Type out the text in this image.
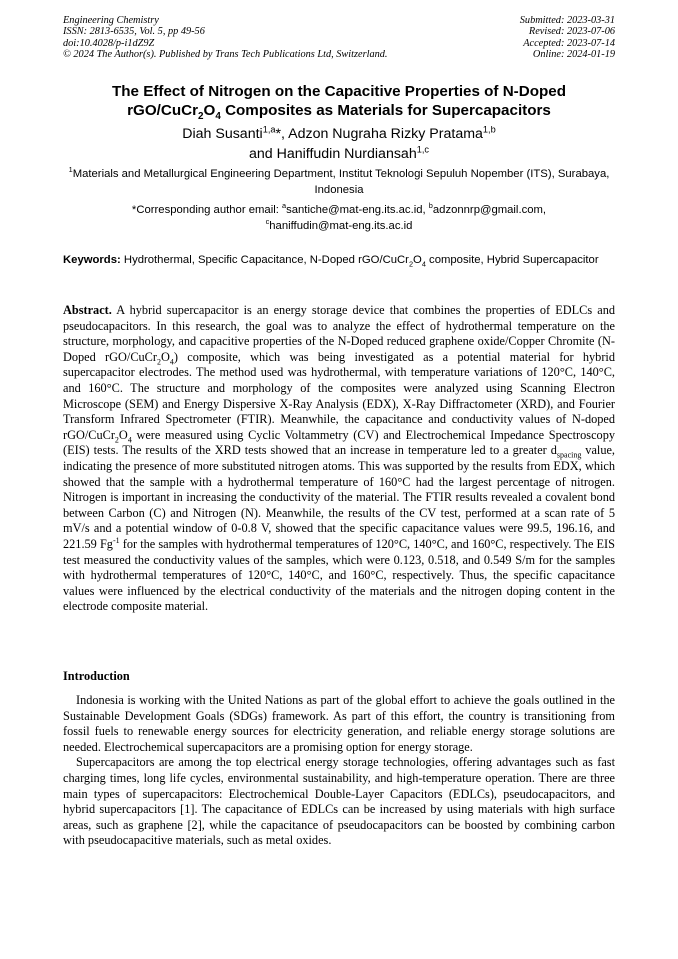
Engineering Chemistry
ISSN: 2813-6535, Vol. 5, pp 49-56
doi:10.4028/p-i1dZ9Z
© 2024 The Author(s). Published by Trans Tech Publications Ltd, Switzerland.
Submitted: 2023-03-31
Revised: 2023-07-06
Accepted: 2023-07-14
Online: 2024-01-19
The Effect of Nitrogen on the Capacitive Properties of N-Doped
rGO/$CuCr_2O_4$ Composites as Materials for Supercapacitors
Diah Susanti$^{1,a}$*, Adzon Nugraha Rizky Pratama$^{1,b}$
and Haniffudin Nurdiansah$^{1,c}$
$^1$Materials and Metallurgical Engineering Department, Institut Teknologi Sepuluh Nopember (ITS), Surabaya, Indonesia
*Corresponding author email: $^a$santiche@mat-eng.its.ac.id, $^b$adzonnrp@gmail.com,
$^c$haniffudin@mat-eng.its.ac.id
Keywords: Hydrothermal, Specific Capacitance, N-Doped rGO/$CuCr_2O_4$ composite, Hybrid Supercapacitor
Abstract. A hybrid supercapacitor is an energy storage device that combines the properties of EDLCs and pseudocapacitors. In this research, the goal was to analyze the effect of hydrothermal temperature on the structure, morphology, and capacitive properties of the N-Doped reduced graphene oxide/Copper Chromite (N-Doped rGO/$CuCr_2O_4$) composite, which was being investigated as a potential material for hybrid supercapacitor electrodes. The method used was hydrothermal, with temperature variations of 120°C, 140°C, and 160°C. The structure and morphology of the composites were analyzed using Scanning Electron Microscope (SEM) and Energy Dispersive X-Ray Analysis (EDX), X-Ray Diffractometer (XRD), and Fourier Transform Infrared Spectrometer (FTIR). Meanwhile, the capacitance and conductivity values of N-doped rGO/$CuCr_2O_4$ were measured using Cyclic Voltammetry (CV) and Electrochemical Impedance Spectroscopy (EIS) tests. The results of the XRD tests showed that an increase in temperature led to a greater $d_{spacing}$ value, indicating the presence of more substituted nitrogen atoms. This was supported by the results from EDX, which showed that the sample with a hydrothermal temperature of 160°C had the largest percentage of nitrogen. Nitrogen is important in increasing the conductivity of the material. The FTIR results revealed a covalent bond between Carbon (C) and Nitrogen (N). Meanwhile, the results of the CV test, performed at a scan rate of 5 mV/s and a potential window of 0-0.8 V, showed that the specific capacitance values were 99.5, 196.16, and 221.59 $Fg^{-1}$ for the samples with hydrothermal temperatures of 120°C, 140°C, and 160°C, respectively. The EIS test measured the conductivity values of the samples, which were 0.123, 0.518, and 0.549 S/m for the samples with hydrothermal temperatures of 120°C, 140°C, and 160°C, respectively. Thus, the specific capacitance values were influenced by the electrical conductivity of the materials and the nitrogen doping content in the electrode composite material.
Introduction

Indonesia is working with the United Nations as part of the global effort to achieve the goals outlined in the Sustainable Development Goals (SDGs) framework. As part of this effort, the country is transitioning from fossil fuels to renewable energy sources for electricity generation, and reliable energy storage solutions are needed. Electrochemical supercapacitors are a promising option for energy storage.

Supercapacitors are among the top electrical energy storage technologies, offering advantages such as fast charging times, long life cycles, environmental sustainability, and high-temperature operation. There are three main types of supercapacitors: Electrochemical Double-Layer Capacitors (EDLCs), pseudocapacitors, and hybrid supercapacitors [1]. The capacitance of EDLCs can be increased by using materials with high surface areas, such as graphene [2], while the capacitance of pseudocapacitors can be boosted by combining carbon with pseudocapacitive materials, such as metal oxides.
